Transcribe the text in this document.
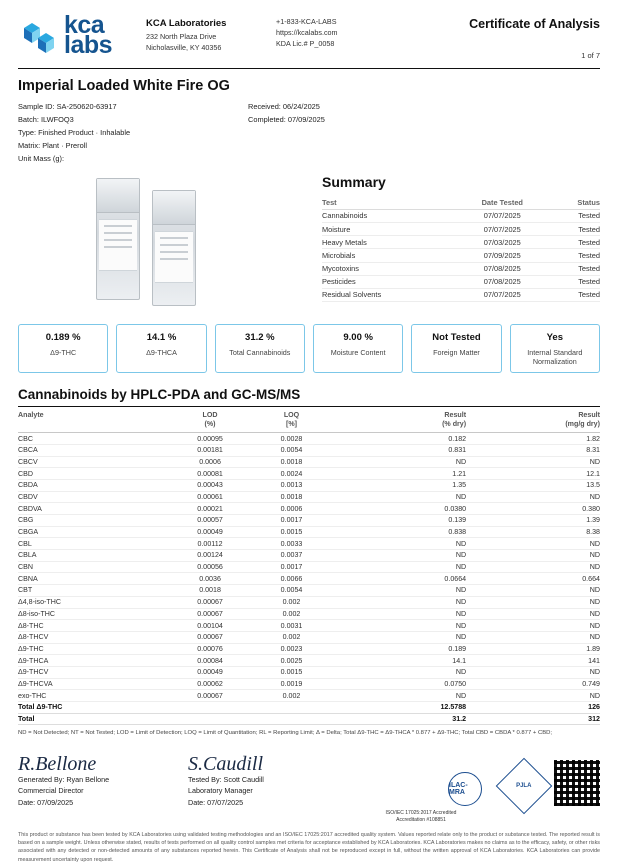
kca
labs
KCA Laboratories
232 North Plaza Drive
Nicholasville, KY 40356
+1-833-KCA-LABS
https://kcalabs.com
KDA Lic.# P_0058
Certificate of Analysis
1 of 7
Imperial Loaded White Fire OG
Sample ID: SA-250620-63917
Batch: ILWFOQ3
Type: Finished Product · Inhalable
Matrix: Plant · Preroll
Unit Mass (g):
Received: 06/24/2025
Completed: 07/09/2025
Summary
Test	Date Tested	Status
Cannabinoids	07/07/2025	Tested
Moisture	07/07/2025	Tested
Heavy Metals	07/03/2025	Tested
Microbials	07/09/2025	Tested
Mycotoxins	07/08/2025	Tested
Pesticides	07/08/2025	Tested
Residual Solvents	07/07/2025	Tested
0.189 %
Δ9-THC
14.1 %
Δ9-THCA
31.2 %
Total Cannabinoids
9.00 %
Moisture Content
Not Tested
Foreign Matter
Yes
Internal Standard Normalization
Cannabinoids by HPLC-PDA and GC-MS/MS
Analyte	LOD
(%)

LOQ
[%]

Result
(% dry)

Result
(mg/g dry)

CBC	0.00095	0.0028	0.182	1.82
CBCA	0.00181	0.0054	0.831	8.31
CBCV	0.0006	0.0018	ND	ND
CBD	0.00081	0.0024	1.21	12.1
CBDA	0.00043	0.0013	1.35	13.5
CBDV	0.00061	0.0018	ND	ND
CBDVA	0.00021	0.0006	0.0380	0.380
CBG	0.00057	0.0017	0.139	1.39
CBGA	0.00049	0.0015	0.838	8.38
CBL	0.00112	0.0033	ND	ND
CBLA	0.00124	0.0037	ND	ND
CBN	0.00056	0.0017	ND	ND
CBNA	0.0036	0.0066	0.0664	0.664
CBT	0.0018	0.0054	ND	ND
Δ4,8-iso-THC	0.00067	0.002	ND	ND
Δ8-iso-THC	0.00067	0.002	ND	ND
Δ8-THC	0.00104	0.0031	ND	ND
Δ8-THCV	0.00067	0.002	ND	ND
Δ9-THC	0.00076	0.0023	0.189	1.89
Δ9-THCA	0.00084	0.0025	14.1	141
Δ9-THCV	0.00049	0.0015	ND	ND
Δ9-THCVA	0.00062	0.0019	0.0750	0.749
exo-THC	0.00067	0.002	ND	ND
Total Δ9-THC			12.5788	126
Total			31.2	312
ND = Not Detected; NT = Not Tested; LOD = Limit of Detection; LOQ = Limit of Quantitation; RL = Reporting Limit; Δ = Delta; Total Δ9-THC = Δ9-THCA * 0.877 + Δ9-THC; Total CBD = CBDA * 0.877 + CBD;
R.Bellone
Generated By: Ryan Bellone
Commercial Director
Date: 07/09/2025
S.Caudill
Tested By: Scott Caudill
Laboratory Manager
Date: 07/07/2025
ILAC-MRA
PJLA
ISO/IEC 17025:2017 Accredited Accreditation #108851
This product or substance has been tested by KCA Laboratories using validated testing methodologies and an ISO/IEC 17025:2017 accredited quality system. Values reported relate only to the product or substance tested. The reported result is based on a sample weight. Unless otherwise stated, results of tests performed on all quality control samples met criteria for acceptance established by KCA Laboratories. KCA Laboratories makes no claims as to the efficacy, safety, or other risks associated with any detected or non-detected amounts of any substances reported herein. This Certificate of Analysis shall not be reproduced except in full, without the written approval of KCA Laboratories. KCA Laboratories can provide measurement uncertainty upon request.
